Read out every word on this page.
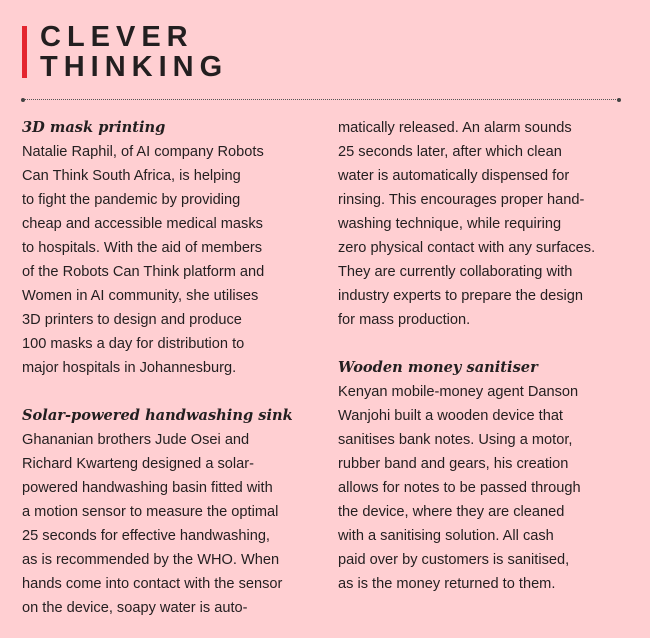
CLEVER
THINKING
3D mask printing
Natalie Raphil, of AI company Robots
Can Think South Africa, is helping
to fight the pandemic by providing
cheap and accessible medical masks
to hospitals. With the aid of members
of the Robots Can Think platform and
Women in AI community, she utilises
3D printers to design and produce
100 masks a day for distribution to
major hospitals in Johannesburg.
Solar-powered handwashing sink
Ghananian brothers Jude Osei and
Richard Kwarteng designed a solar-
powered handwashing basin fitted with
a motion sensor to measure the optimal
25 seconds for effective handwashing,
as is recommended by the WHO. When
hands come into contact with the sensor
on the device, soapy water is auto-
matically released. An alarm sounds
25 seconds later, after which clean
water is automatically dispensed for
rinsing. This encourages proper hand-
washing technique, while requiring
zero physical contact with any surfaces.
They are currently collaborating with
industry experts to prepare the design
for mass production.
Wooden money sanitiser
Kenyan mobile-money agent Danson
Wanjohi built a wooden device that
sanitises bank notes. Using a motor,
rubber band and gears, his creation
allows for notes to be passed through
the device, where they are cleaned
with a sanitising solution. All cash
paid over by customers is sanitised,
as is the money returned to them.
